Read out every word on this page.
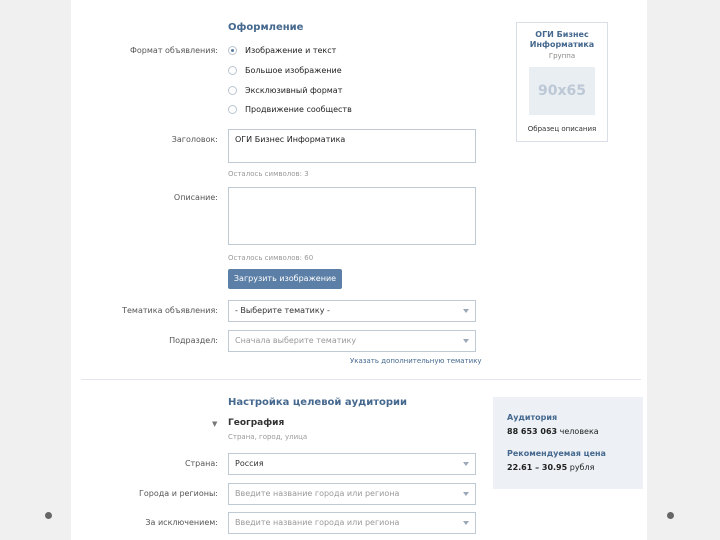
Оформление
Формат объявления:	Изображение и текст
Большое изображение
Эксклюзивный формат
Продвижение сообществ
ОГИ Бизнес Информатика
Группа
90x65
Образец описания
Заголовок: ОГИ Бизнес Информатика
Осталось символов: 3
Описание:
Осталось символов: 60
Загрузить изображение
Тематика объявления:	- Выберите тематику -
Подраздел:	Сначала выберите тематику
Указать дополнительную тематику
Настройка целевой аудитории
▼ География
Страна, город, улица
Страна:	Россия
Города и регионы:	Введите название города или региона
За исключением:	Введите название города или региона
Аудитория
88 653 063 человека
Рекомендуемая цена
22.61 – 30.95 рубля
